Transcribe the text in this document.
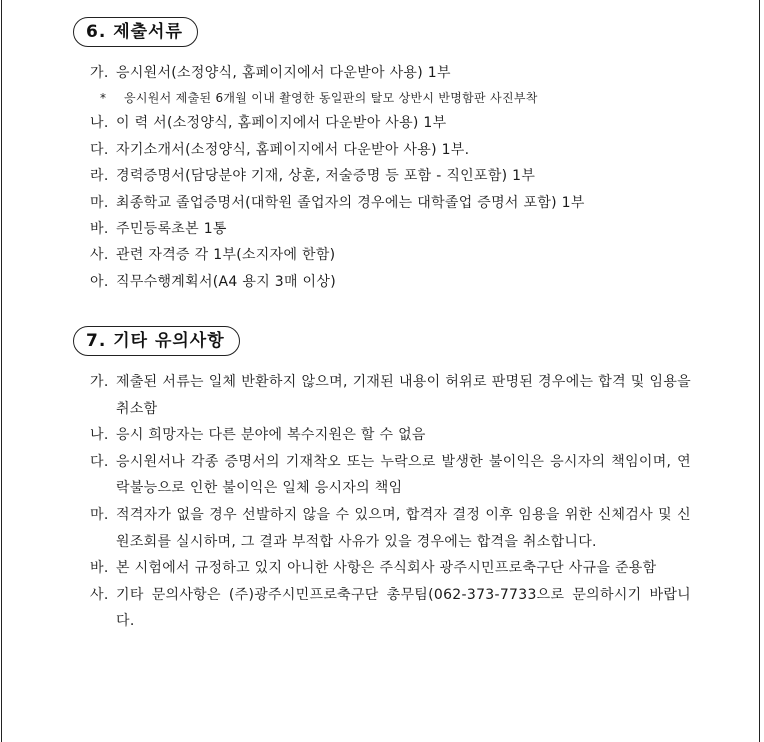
6. 제출서류
가. 응시원서(소정양식, 홈페이지에서 다운받아 사용) 1부
* 응시원서 제출된 6개월 이내 촬영한 동일판의 탈모 상반시 반명함판 사진부착
나. 이 력 서(소정양식, 홈페이지에서 다운받아 사용) 1부
다. 자기소개서(소정양식, 홈페이지에서 다운받아 사용) 1부.
라. 경력증명서(담당분야 기재, 상훈, 저술증명 등 포함 - 직인포함) 1부
마. 최종학교 졸업증명서(대학원 졸업자의 경우에는 대학졸업 증명서 포함) 1부
바. 주민등록초본 1통
사. 관련 자격증 각 1부(소지자에 한함)
아. 직무수행계획서(A4 용지 3매 이상)
7. 기타 유의사항
가. 제출된 서류는 일체 반환하지 않으며, 기재된 내용이 허위로 판명된 경우에는 합격 및 임용을 취소함
나. 응시 희망자는 다른 분야에 복수지원은 할 수 없음
다. 응시원서나 각종 증명서의 기재착오 또는 누락으로 발생한 불이익은 응시자의 책임이며, 연락불능으로 인한 불이익은 일체 응시자의 책임
마. 적격자가 없을 경우 선발하지 않을 수 있으며, 합격자 결정 이후 임용을 위한 신체검사 및 신원조회를 실시하며, 그 결과 부적합 사유가 있을 경우에는 합격을 취소합니다.
바. 본 시험에서 규정하고 있지 아니한 사항은 주식회사 광주시민프로축구단 사규을 준용함
사. 기타 문의사항은 (주)광주시민프로축구단 총무팀(062-373-7733으로 문의하시기 바랍니다.
